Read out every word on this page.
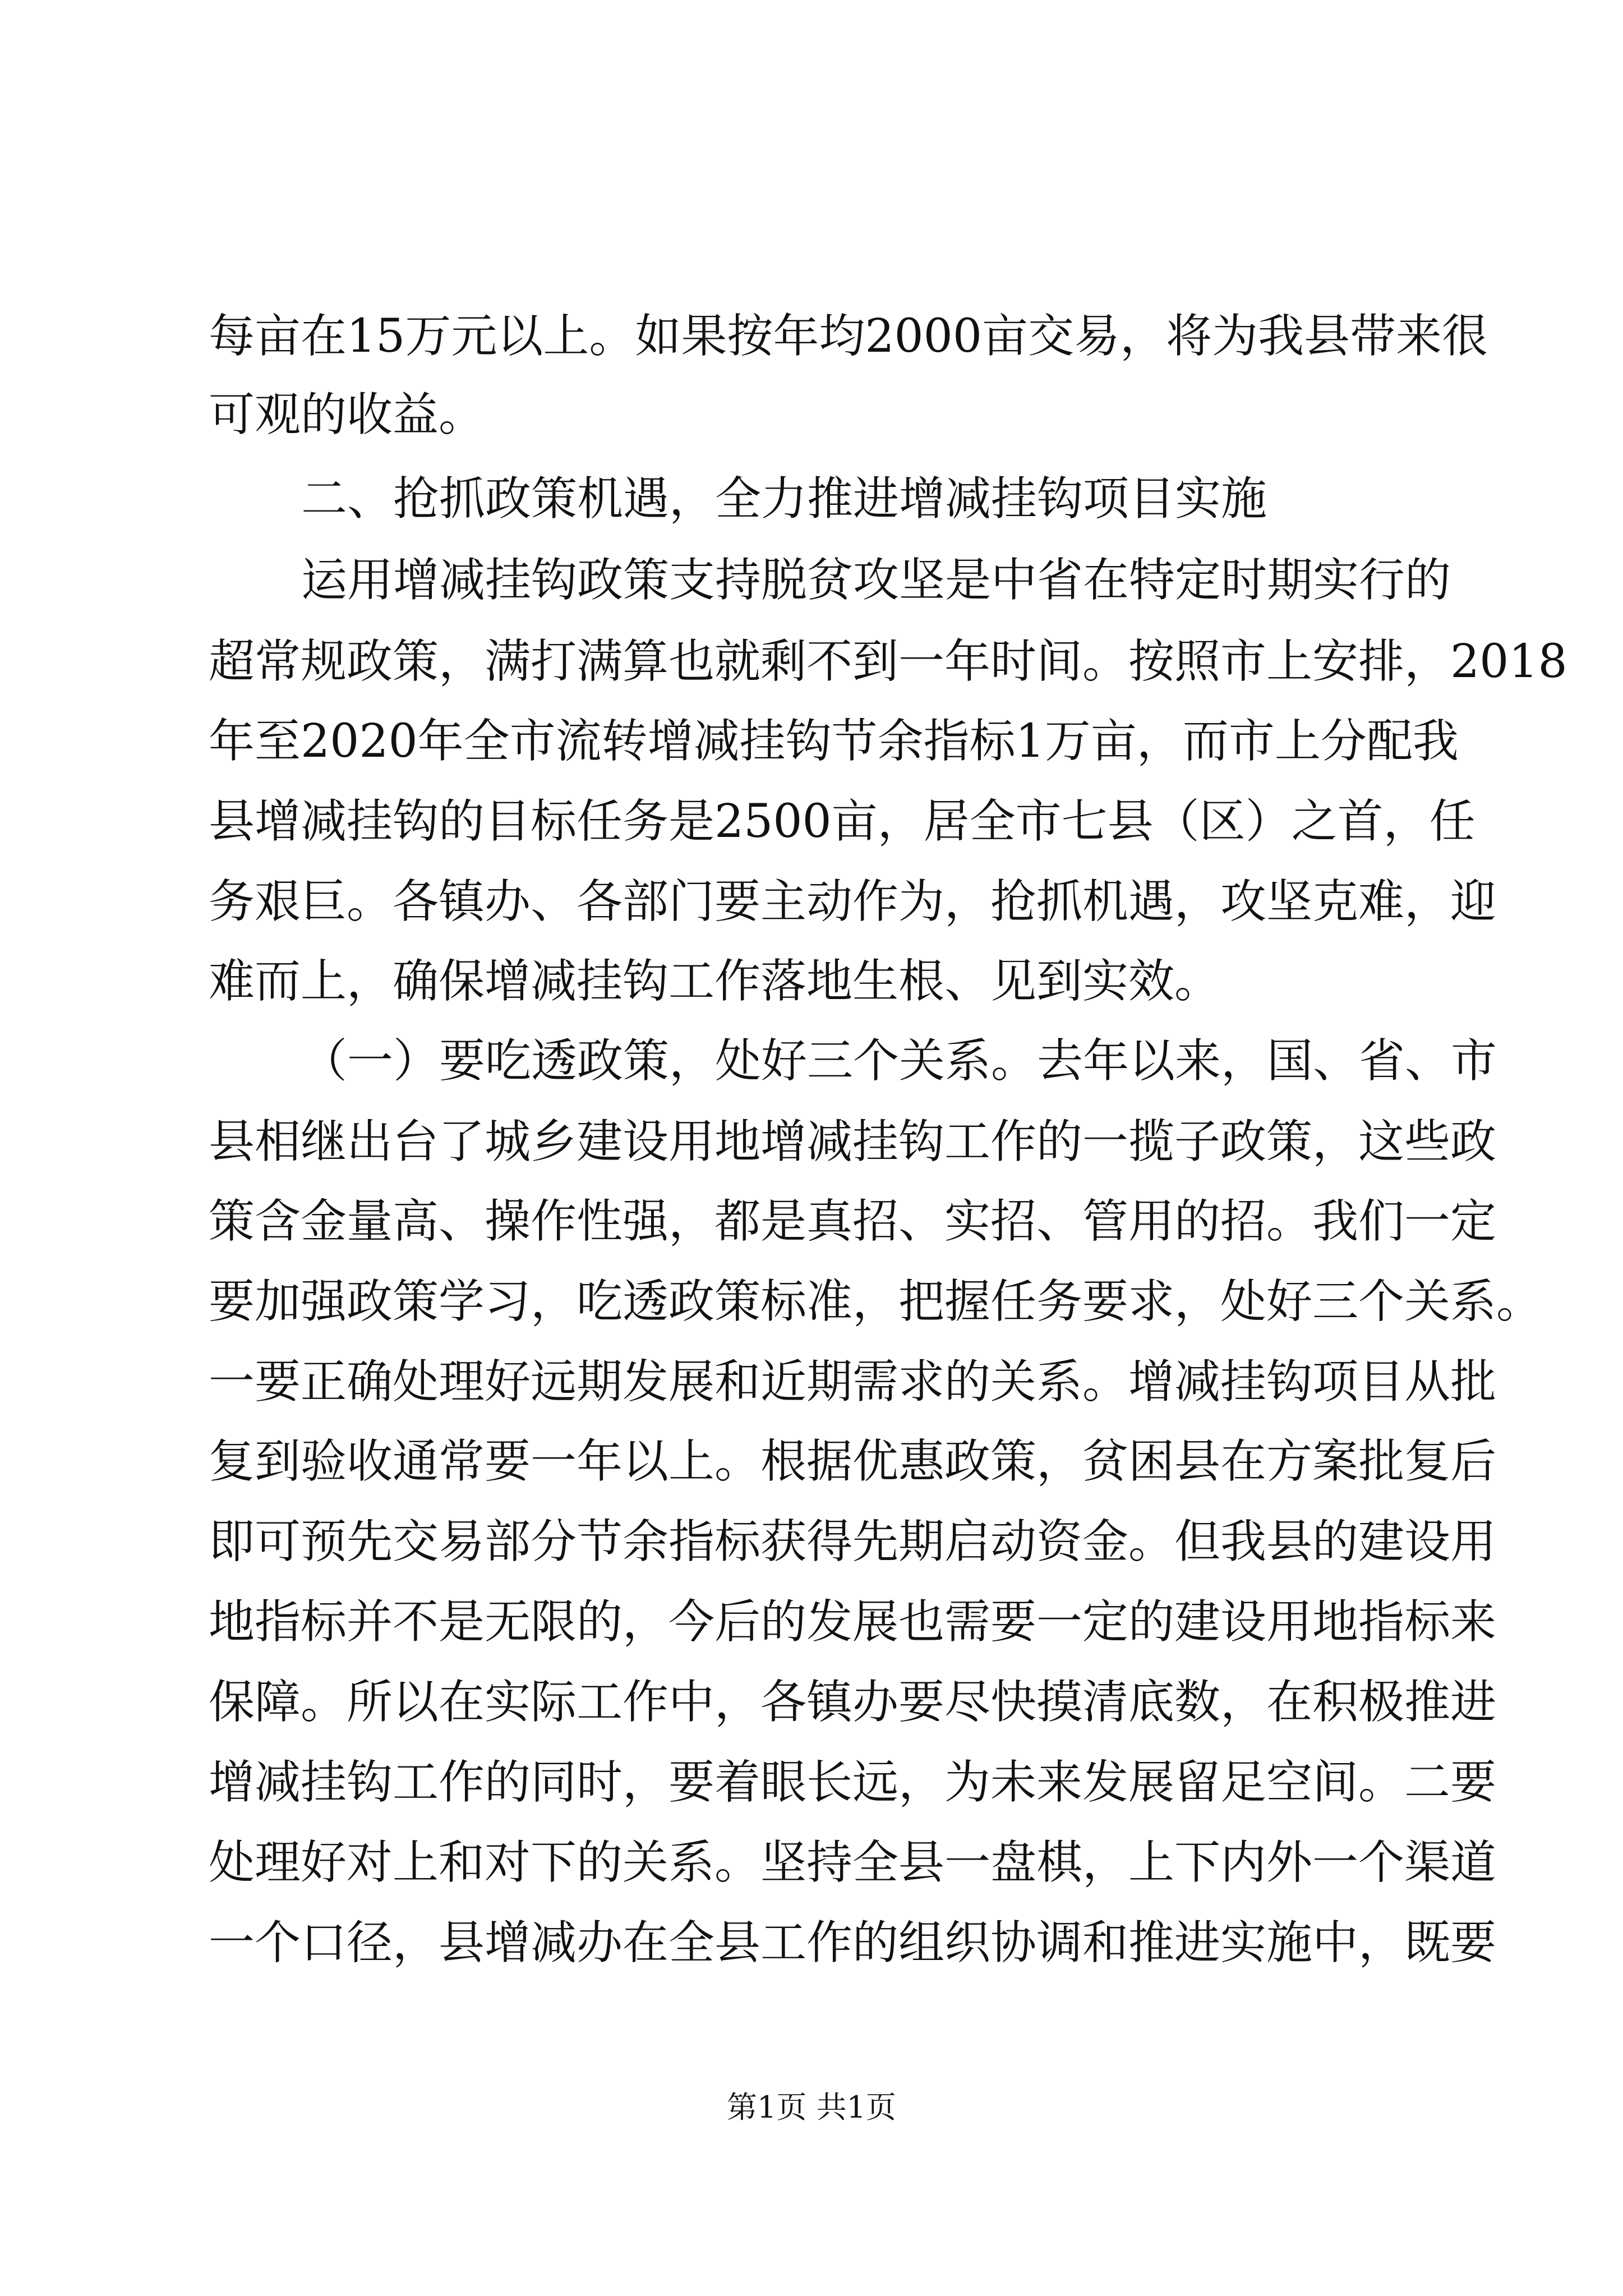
每亩在15万元以上。如果按年均2000亩交易，将为我县带来很
可观的收益。
二、抢抓政策机遇，全力推进增减挂钩项目实施
运用增减挂钩政策支持脱贫攻坚是中省在特定时期实行的
超常规政策，满打满算也就剩不到一年时间。按照市上安排，2018
年至2020年全市流转增减挂钩节余指标1万亩，而市上分配我
县增减挂钩的目标任务是2500亩，居全市七县（区）之首，任
务艰巨。各镇办、各部门要主动作为，抢抓机遇，攻坚克难，迎
难而上，确保增减挂钩工作落地生根、见到实效。
（一）要吃透政策，处好三个关系。去年以来，国、省、市
县相继出台了城乡建设用地增减挂钩工作的一揽子政策，这些政
策含金量高、操作性强，都是真招、实招、管用的招。我们一定
要加强政策学习，吃透政策标准，把握任务要求，处好三个关系。
一要正确处理好远期发展和近期需求的关系。增减挂钩项目从批
复到验收通常要一年以上。根据优惠政策，贫困县在方案批复后
即可预先交易部分节余指标获得先期启动资金。但我县的建设用
地指标并不是无限的，今后的发展也需要一定的建设用地指标来
保障。所以在实际工作中，各镇办要尽快摸清底数，在积极推进
增减挂钩工作的同时，要着眼长远，为未来发展留足空间。二要
处理好对上和对下的关系。坚持全县一盘棋，上下内外一个渠道
一个口径，县增减办在全县工作的组织协调和推进实施中，既要
第1页 共1页
